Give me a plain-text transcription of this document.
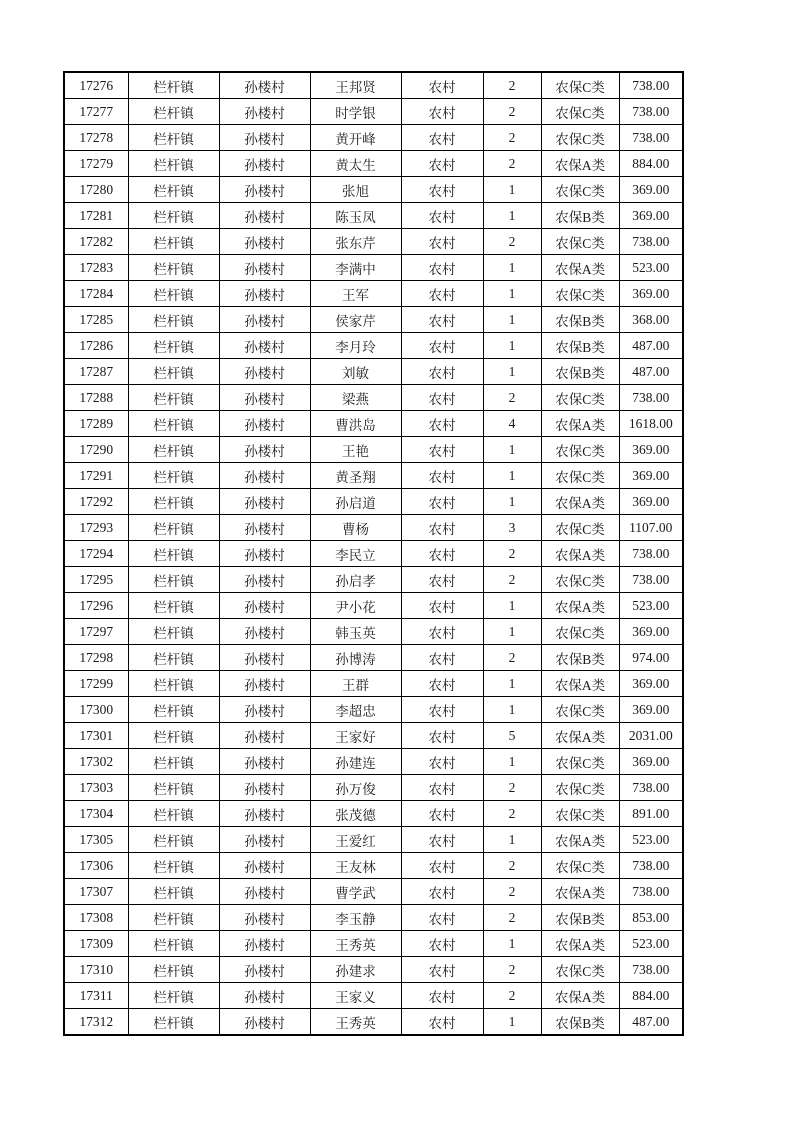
17276	栏杆镇	孙楼村	王邦贤	农村	2	农保C类	738.00
17277	栏杆镇	孙楼村	时学银	农村	2	农保C类	738.00
17278	栏杆镇	孙楼村	黄开峰	农村	2	农保C类	738.00
17279	栏杆镇	孙楼村	黄太生	农村	2	农保A类	884.00
17280	栏杆镇	孙楼村	张旭	农村	1	农保C类	369.00
17281	栏杆镇	孙楼村	陈玉凤	农村	1	农保B类	369.00
17282	栏杆镇	孙楼村	张东芹	农村	2	农保C类	738.00
17283	栏杆镇	孙楼村	李满中	农村	1	农保A类	523.00
17284	栏杆镇	孙楼村	王军	农村	1	农保C类	369.00
17285	栏杆镇	孙楼村	侯家芹	农村	1	农保B类	368.00
17286	栏杆镇	孙楼村	李月玲	农村	1	农保B类	487.00
17287	栏杆镇	孙楼村	刘敏	农村	1	农保B类	487.00
17288	栏杆镇	孙楼村	梁燕	农村	2	农保C类	738.00
17289	栏杆镇	孙楼村	曹洪岛	农村	4	农保A类	1618.00
17290	栏杆镇	孙楼村	王艳	农村	1	农保C类	369.00
17291	栏杆镇	孙楼村	黄圣翔	农村	1	农保C类	369.00
17292	栏杆镇	孙楼村	孙启道	农村	1	农保A类	369.00
17293	栏杆镇	孙楼村	曹杨	农村	3	农保C类	1107.00
17294	栏杆镇	孙楼村	李民立	农村	2	农保A类	738.00
17295	栏杆镇	孙楼村	孙启孝	农村	2	农保C类	738.00
17296	栏杆镇	孙楼村	尹小花	农村	1	农保A类	523.00
17297	栏杆镇	孙楼村	韩玉英	农村	1	农保C类	369.00
17298	栏杆镇	孙楼村	孙博涛	农村	2	农保B类	974.00
17299	栏杆镇	孙楼村	王群	农村	1	农保A类	369.00
17300	栏杆镇	孙楼村	李超忠	农村	1	农保C类	369.00
17301	栏杆镇	孙楼村	王家好	农村	5	农保A类	2031.00
17302	栏杆镇	孙楼村	孙建连	农村	1	农保C类	369.00
17303	栏杆镇	孙楼村	孙万俊	农村	2	农保C类	738.00
17304	栏杆镇	孙楼村	张茂德	农村	2	农保C类	891.00
17305	栏杆镇	孙楼村	王爱红	农村	1	农保A类	523.00
17306	栏杆镇	孙楼村	王友林	农村	2	农保C类	738.00
17307	栏杆镇	孙楼村	曹学武	农村	2	农保A类	738.00
17308	栏杆镇	孙楼村	李玉静	农村	2	农保B类	853.00
17309	栏杆镇	孙楼村	王秀英	农村	1	农保A类	523.00
17310	栏杆镇	孙楼村	孙建求	农村	2	农保C类	738.00
17311	栏杆镇	孙楼村	王家义	农村	2	农保A类	884.00
17312	栏杆镇	孙楼村	王秀英	农村	1	农保B类	487.00
